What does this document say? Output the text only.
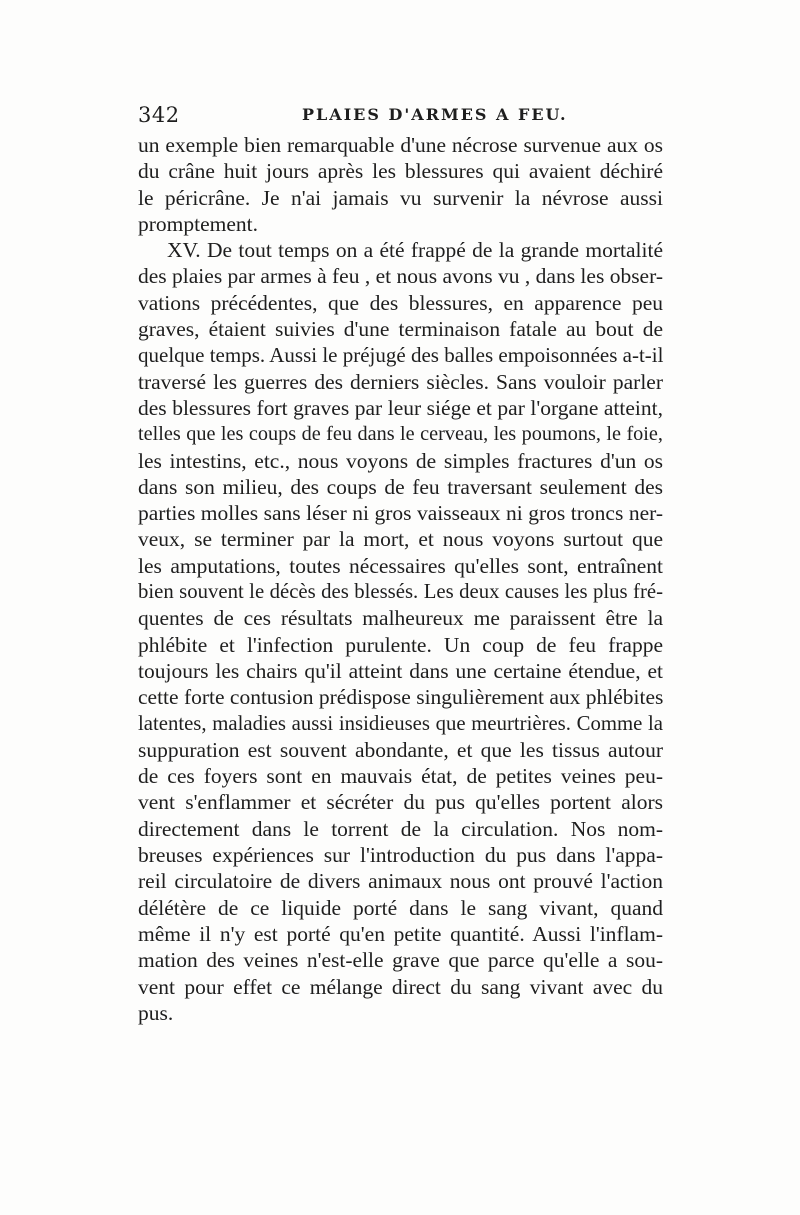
342	PLAIES D'ARMES A FEU.
un exemple bien remarquable d'une nécrose survenue aux os
du crâne huit jours après les blessures qui avaient déchiré
le péricrâne. Je n'ai jamais vu survenir la névrose aussi
promptement.
XV. De tout temps on a été frappé de la grande mortalité
des plaies par armes à feu , et nous avons vu , dans les obser-
vations précédentes, que des blessures, en apparence peu
graves, étaient suivies d'une terminaison fatale au bout de
quelque temps. Aussi le préjugé des balles empoisonnées a-t-il
traversé les guerres des derniers siècles. Sans vouloir parler
des blessures fort graves par leur siége et par l'organe atteint,
telles que les coups de feu dans le cerveau, les poumons, le foie,
les intestins, etc., nous voyons de simples fractures d'un os
dans son milieu, des coups de feu traversant seulement des
parties molles sans léser ni gros vaisseaux ni gros troncs ner-
veux, se terminer par la mort, et nous voyons surtout que
les amputations, toutes nécessaires qu'elles sont, entraînent
bien souvent le décès des blessés. Les deux causes les plus fré-
quentes de ces résultats malheureux me paraissent être la
phlébite et l'infection purulente. Un coup de feu frappe
toujours les chairs qu'il atteint dans une certaine étendue, et
cette forte contusion prédispose singulièrement aux phlébites
latentes, maladies aussi insidieuses que meurtrières. Comme la
suppuration est souvent abondante, et que les tissus autour
de ces foyers sont en mauvais état, de petites veines peu-
vent s'enflammer et sécréter du pus qu'elles portent alors
directement dans le torrent de la circulation. Nos nom-
breuses expériences sur l'introduction du pus dans l'appa-
reil circulatoire de divers animaux nous ont prouvé l'action
délétère de ce liquide porté dans le sang vivant, quand
même il n'y est porté qu'en petite quantité. Aussi l'inflam-
mation des veines n'est-elle grave que parce qu'elle a sou-
vent pour effet ce mélange direct du sang vivant avec du
pus.
